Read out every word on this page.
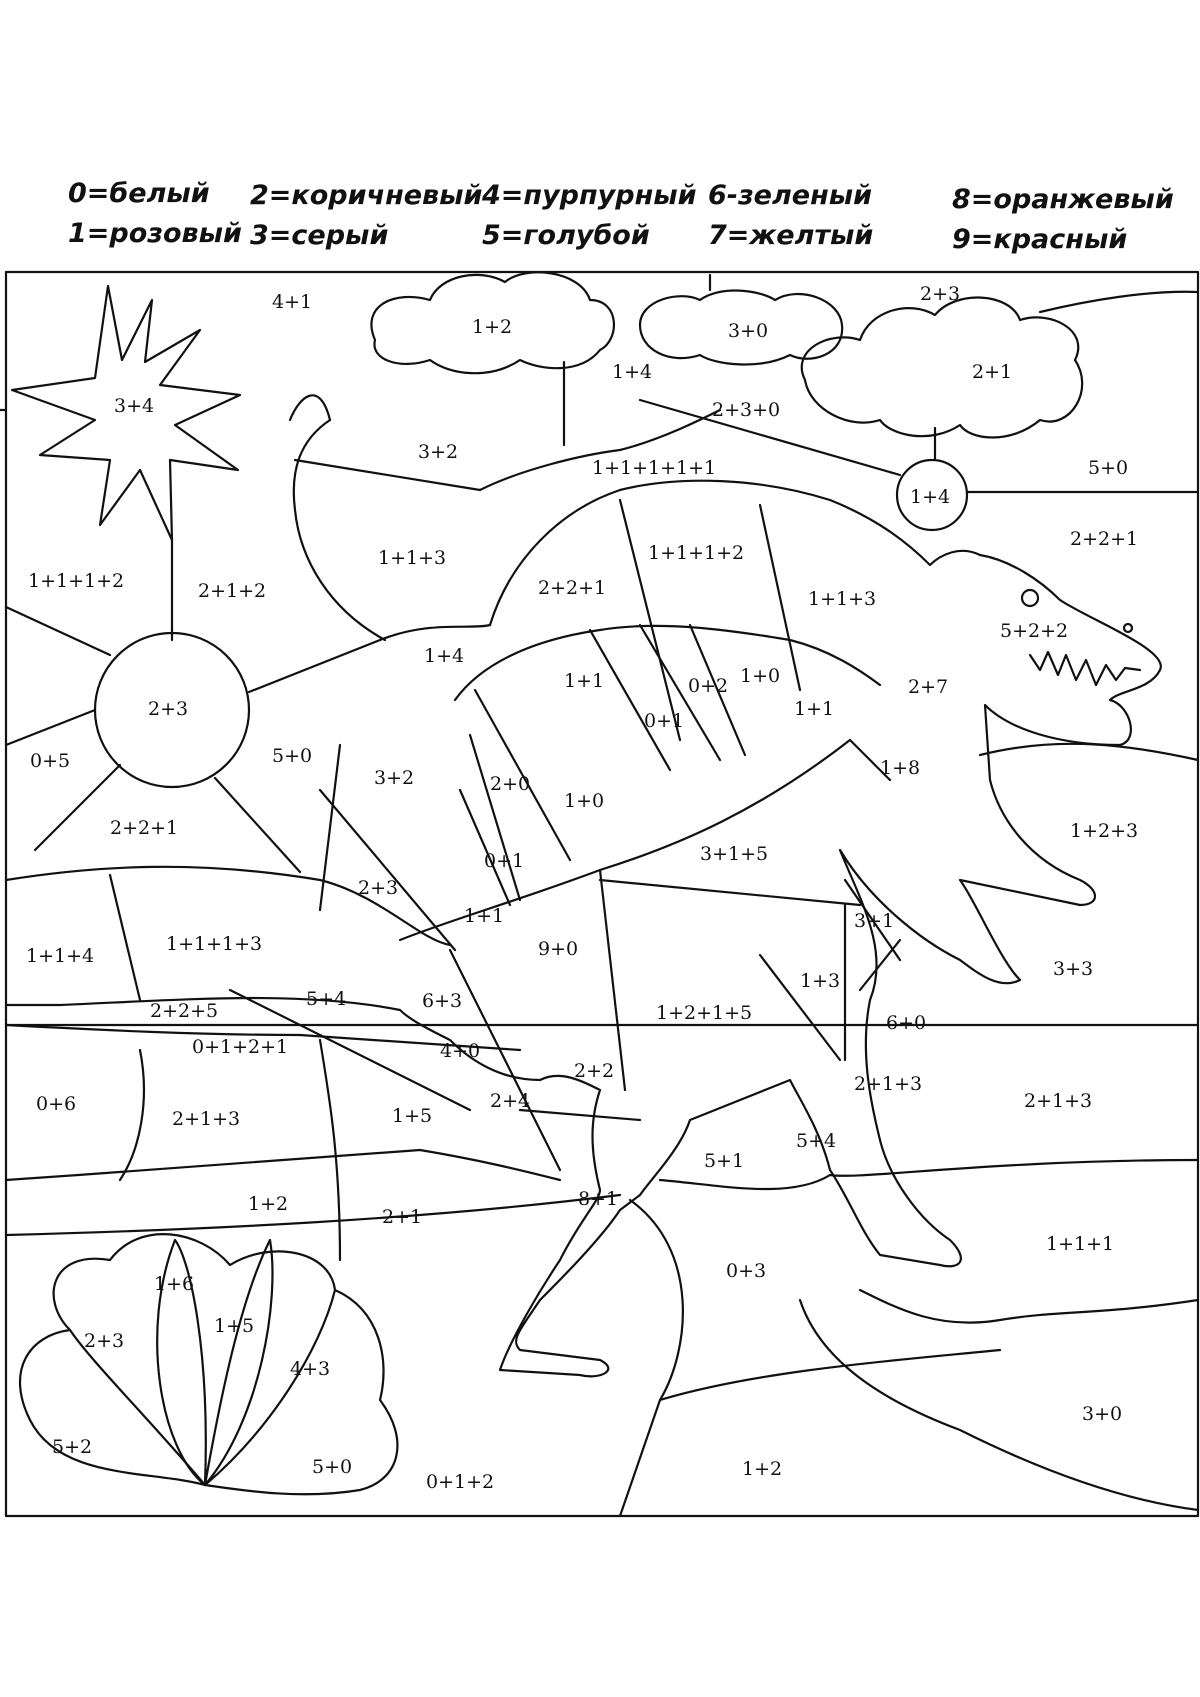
0=белый
1=розовый
2=коричневый
3=серый
4=пурпурный
5=голубой
6-зеленый
7=желтый
8=оранжевый
9=красный
4+1
1+2	3+0
2+3
2+1
1+4
2+3+0
3+4
3+2
1+1+1+1+1	5+0
1+4
2+2+1
1+1+1+2	2+1+2
1+1+3
2+2+1
1+1+1+2
1+1+3
5+2+2
1+4
1+1	0+2 1+0
1+1
2+7
2+3
0+1
0+5	5+0
3+2	1+8
2+0
1+0
2+2+1	1+2+3
0+1	3+1+5
2+3
1+1	3+1
1+1+4
1+1+1+3	9+0
1+3
3+3
2+2+5
5+4	6+3
1+2+1+5	6+0
0+1+2+1	4+0
2+2
0+6
2+1+3	1+5
2+4
2+1+3
2+1+3
5+4
5+1
1+2
2+1
8+1
1+1+1
1+6
2+3
1+5
0+3
4+3
3+0
5+2
5+0
0+1+2
1+2
